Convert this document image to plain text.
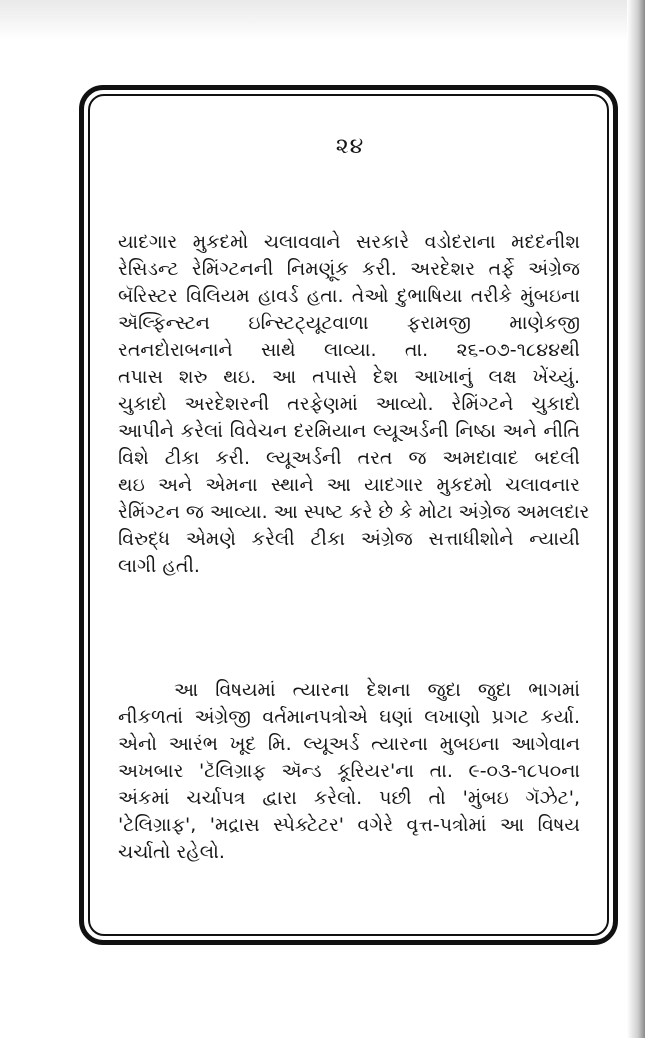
૨૪
યાદગાર મુકદમો ચલાવવાને સરકારે વડોદરાના મદદનીશ
રેસિડન્ટ રેમિંગ્ટનની નિમણૂંક કરી. અરદેશર તર્ફે અંગ્રેજ
બૅરિસ્ટર વિલિયમ હાવર્ડ હતા. તેઓ દુભાષિયા તરીકે મુંબઇના
ઍલ્ફિન્સ્ટન ઇન્સ્ટિટ્યૂટવાળા ફરામજી માણેકજી
રતનદોરાબનાને સાથે લાવ્યા. તા. ૨૬-૦૭-૧૮૪૪થી
તપાસ શરુ થઇ. આ તપાસે દેશ આખાનું લક્ષ ખેંચ્યું.
ચુકાદો અરદેશરની તરફેણમાં આવ્યો. રેમિંગ્ટને ચુકાદો
આપીને કરેલાં વિવેચન દરમિયાન લ્યૂઅર્ડની નિષ્ઠા અને નીતિ
વિશે ટીકા કરી. લ્યૂઅર્ડની તરત જ અમદાવાદ બદલી
થઇ અને એમના સ્થાને આ યાદગાર મુકદમો ચલાવનાર
રેમિંગ્ટન જ આવ્યા. આ સ્પષ્ટ કરે છે કે મોટા અંગ્રેજ અમલદાર
વિરુદ્ધ એમણે કરેલી ટીકા અંગ્રેજ સત્તાધીશોને ન્યાયી
લાગી હતી.
આ વિષયમાં ત્યારના દેશના જુદા જુદા ભાગમાં
નીકળતાં અંગ્રેજી વર્તમાનપત્રોએ ઘણાં લખાણો પ્રગટ કર્યા.
એનો આરંભ ખૂદ મિ. લ્યૂઅર્ડ ત્યારના મુબઇના આગેવાન
અખબાર 'ટૅલિગ્રાફ ઍન્ડ કૂરિયર'ના તા. ૯-૦૩-૧૮૫૦ના
અંકમાં ચર્ચાપત્ર દ્વારા કરેલો. પછી તો 'મુંબઇ ગૅઝેટ',
'ટેલિગ્રાફ', 'મદ્રાસ સ્પેક્ટેટર' વગેરે વૃત્ત-પત્રોમાં આ વિષય
ચર્ચાતો રહેલો.
